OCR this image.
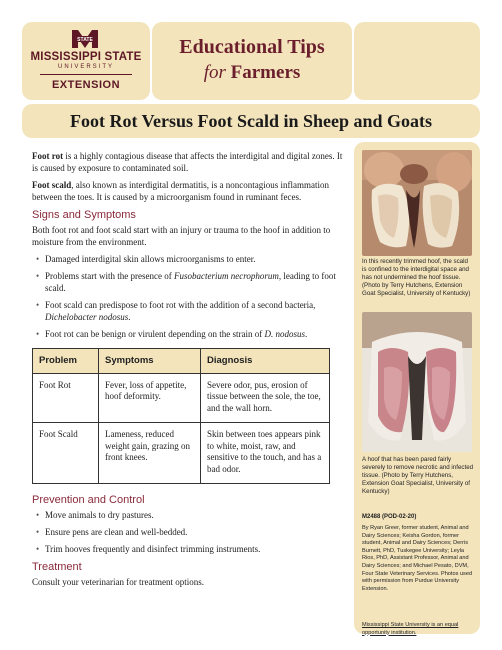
STATE
MISSISSIPPI STATE
UNIVERSITY
EXTENSION
Educational Tips
for Farmers
Foot Rot Versus Foot Scald in Sheep and Goats
In this recently trimmed hoof, the scald is confined to the interdigital space and has not undermined the hoof tissue. (Photo by Terry Hutchens, Extension Goat Specialist, University of Kentucky)
A hoof that has been pared fairly severely to remove necrotic and infected tissue. (Photo by Terry Hutchens, Extension Goat Specialist, University of Kentucky)
M2488 (POD-02-20)
By Ryan Greer, former student, Animal and Dairy Sciences; Keisha Gordon, former student, Animal and Dairy Sciences; Derris Burnett, PhD, Tuskegee University; Leyla Rios, PhD, Assistant Professor, Animal and Dairy Sciences; and Michael Pesato, DVM, Four State Veterinary Services. Photos used with permission from Purdue University Extension.
Mississippi State University is an equal opportunity institution.

Foot rot is a highly contagious disease that affects the interdigital and digital zones. It is caused by exposure to contaminated soil.

Foot scald, also known as interdigital dermatitis, is a noncontagious inflammation between the toes. It is caused by a microorganism found in ruminant feces.

Signs and Symptoms

Both foot rot and foot scald start with an injury or trauma to the hoof in addition to moisture from the environment.

• Damaged interdigital skin allows microorganisms to enter.
• Problems start with the presence of Fusobacterium necrophorum, leading to foot scald.
• Foot scald can predispose to foot rot with the addition of a second bacteria, Dichelobacter nodosus.
• Foot rot can be benign or virulent depending on the strain of D. nodosus.
Problem	Symptoms	Diagnosis
Foot Rot	Fever, loss of appetite, hoof deformity.	Severe odor, pus, erosion of tissue between the sole, the toe, and the wall horn.
Foot Scald	Lameness, reduced weight gain, grazing on front knees.	Skin between toes appears pink to white, moist, raw, and sensitive to the touch, and has a bad odor.
Prevention and Control
• Move animals to dry pastures.
• Ensure pens are clean and well-bedded.
• Trim hooves frequently and disinfect trimming instruments.
Treatment

Consult your veterinarian for treatment options.
